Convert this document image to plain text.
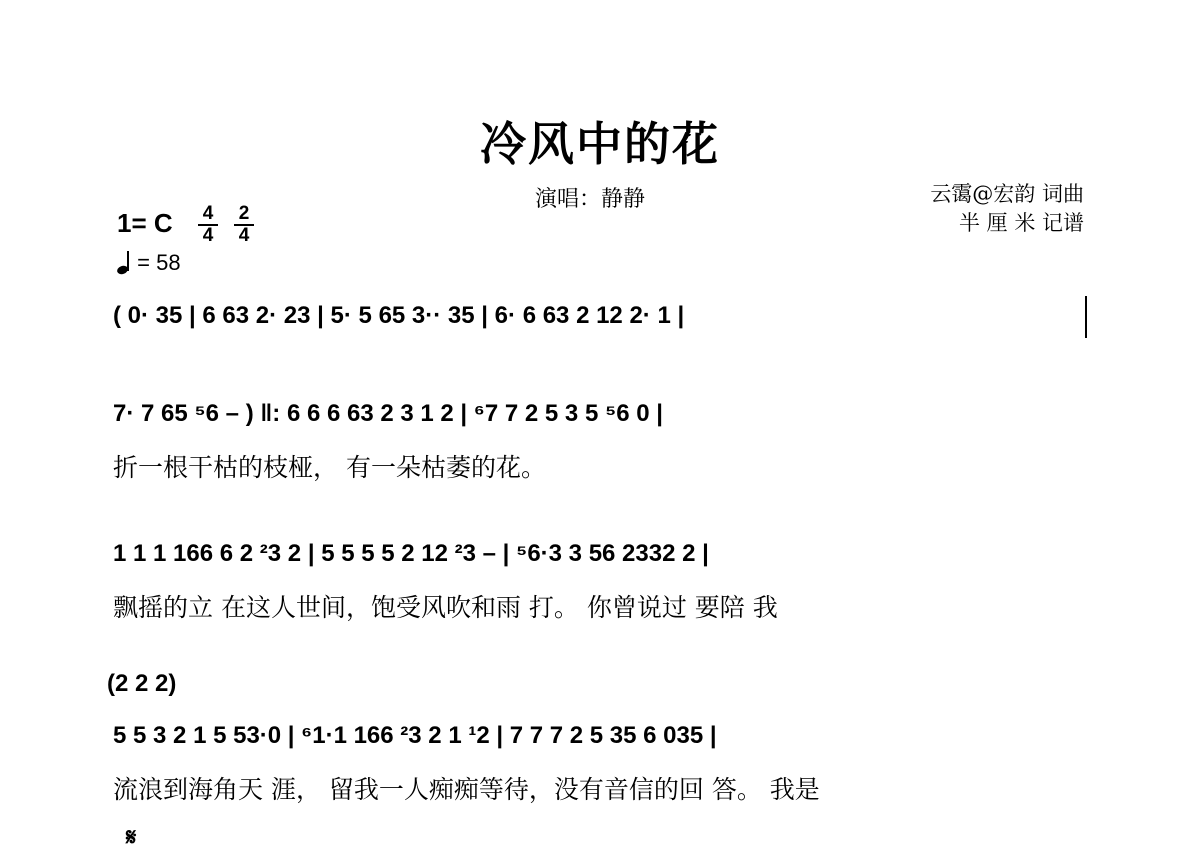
冷风中的花
演唱：静静	云霭@宏韵 词曲
半 厘 米 记谱
1= C	4
4
2
4
= 58
( 0· 35 | 6 63 2· 23 | 5· 5 65 3·· 35 | 6· 6 63 2 12 2· 1 |
7· 7 65 ⁵6 – ) ‖: 6 6 6 63 2 3 1 2 | ⁶7 7 2 5 3 5 ⁵6 0 |
折一根干枯的枝桠， 有一朵枯萎的花。
1 1 1 166 6 2 ²3 2 | 5 5 5 5 2 12 ²3 – | ⁵6·3 3 56 2332 2 |
飘摇的立 在这人世间，饱受风吹和雨 打。 你曾说过 要陪 我
(2 2 2)
5 5 3 2 1 5 53·0 | ⁶1·1 166 ²3 2 1 ¹2 | 7 7 7 2 5 35 6 035 |
流浪到海角天 涯， 留我一人痴痴等待，没有音信的回 答。 我是
𝄋
